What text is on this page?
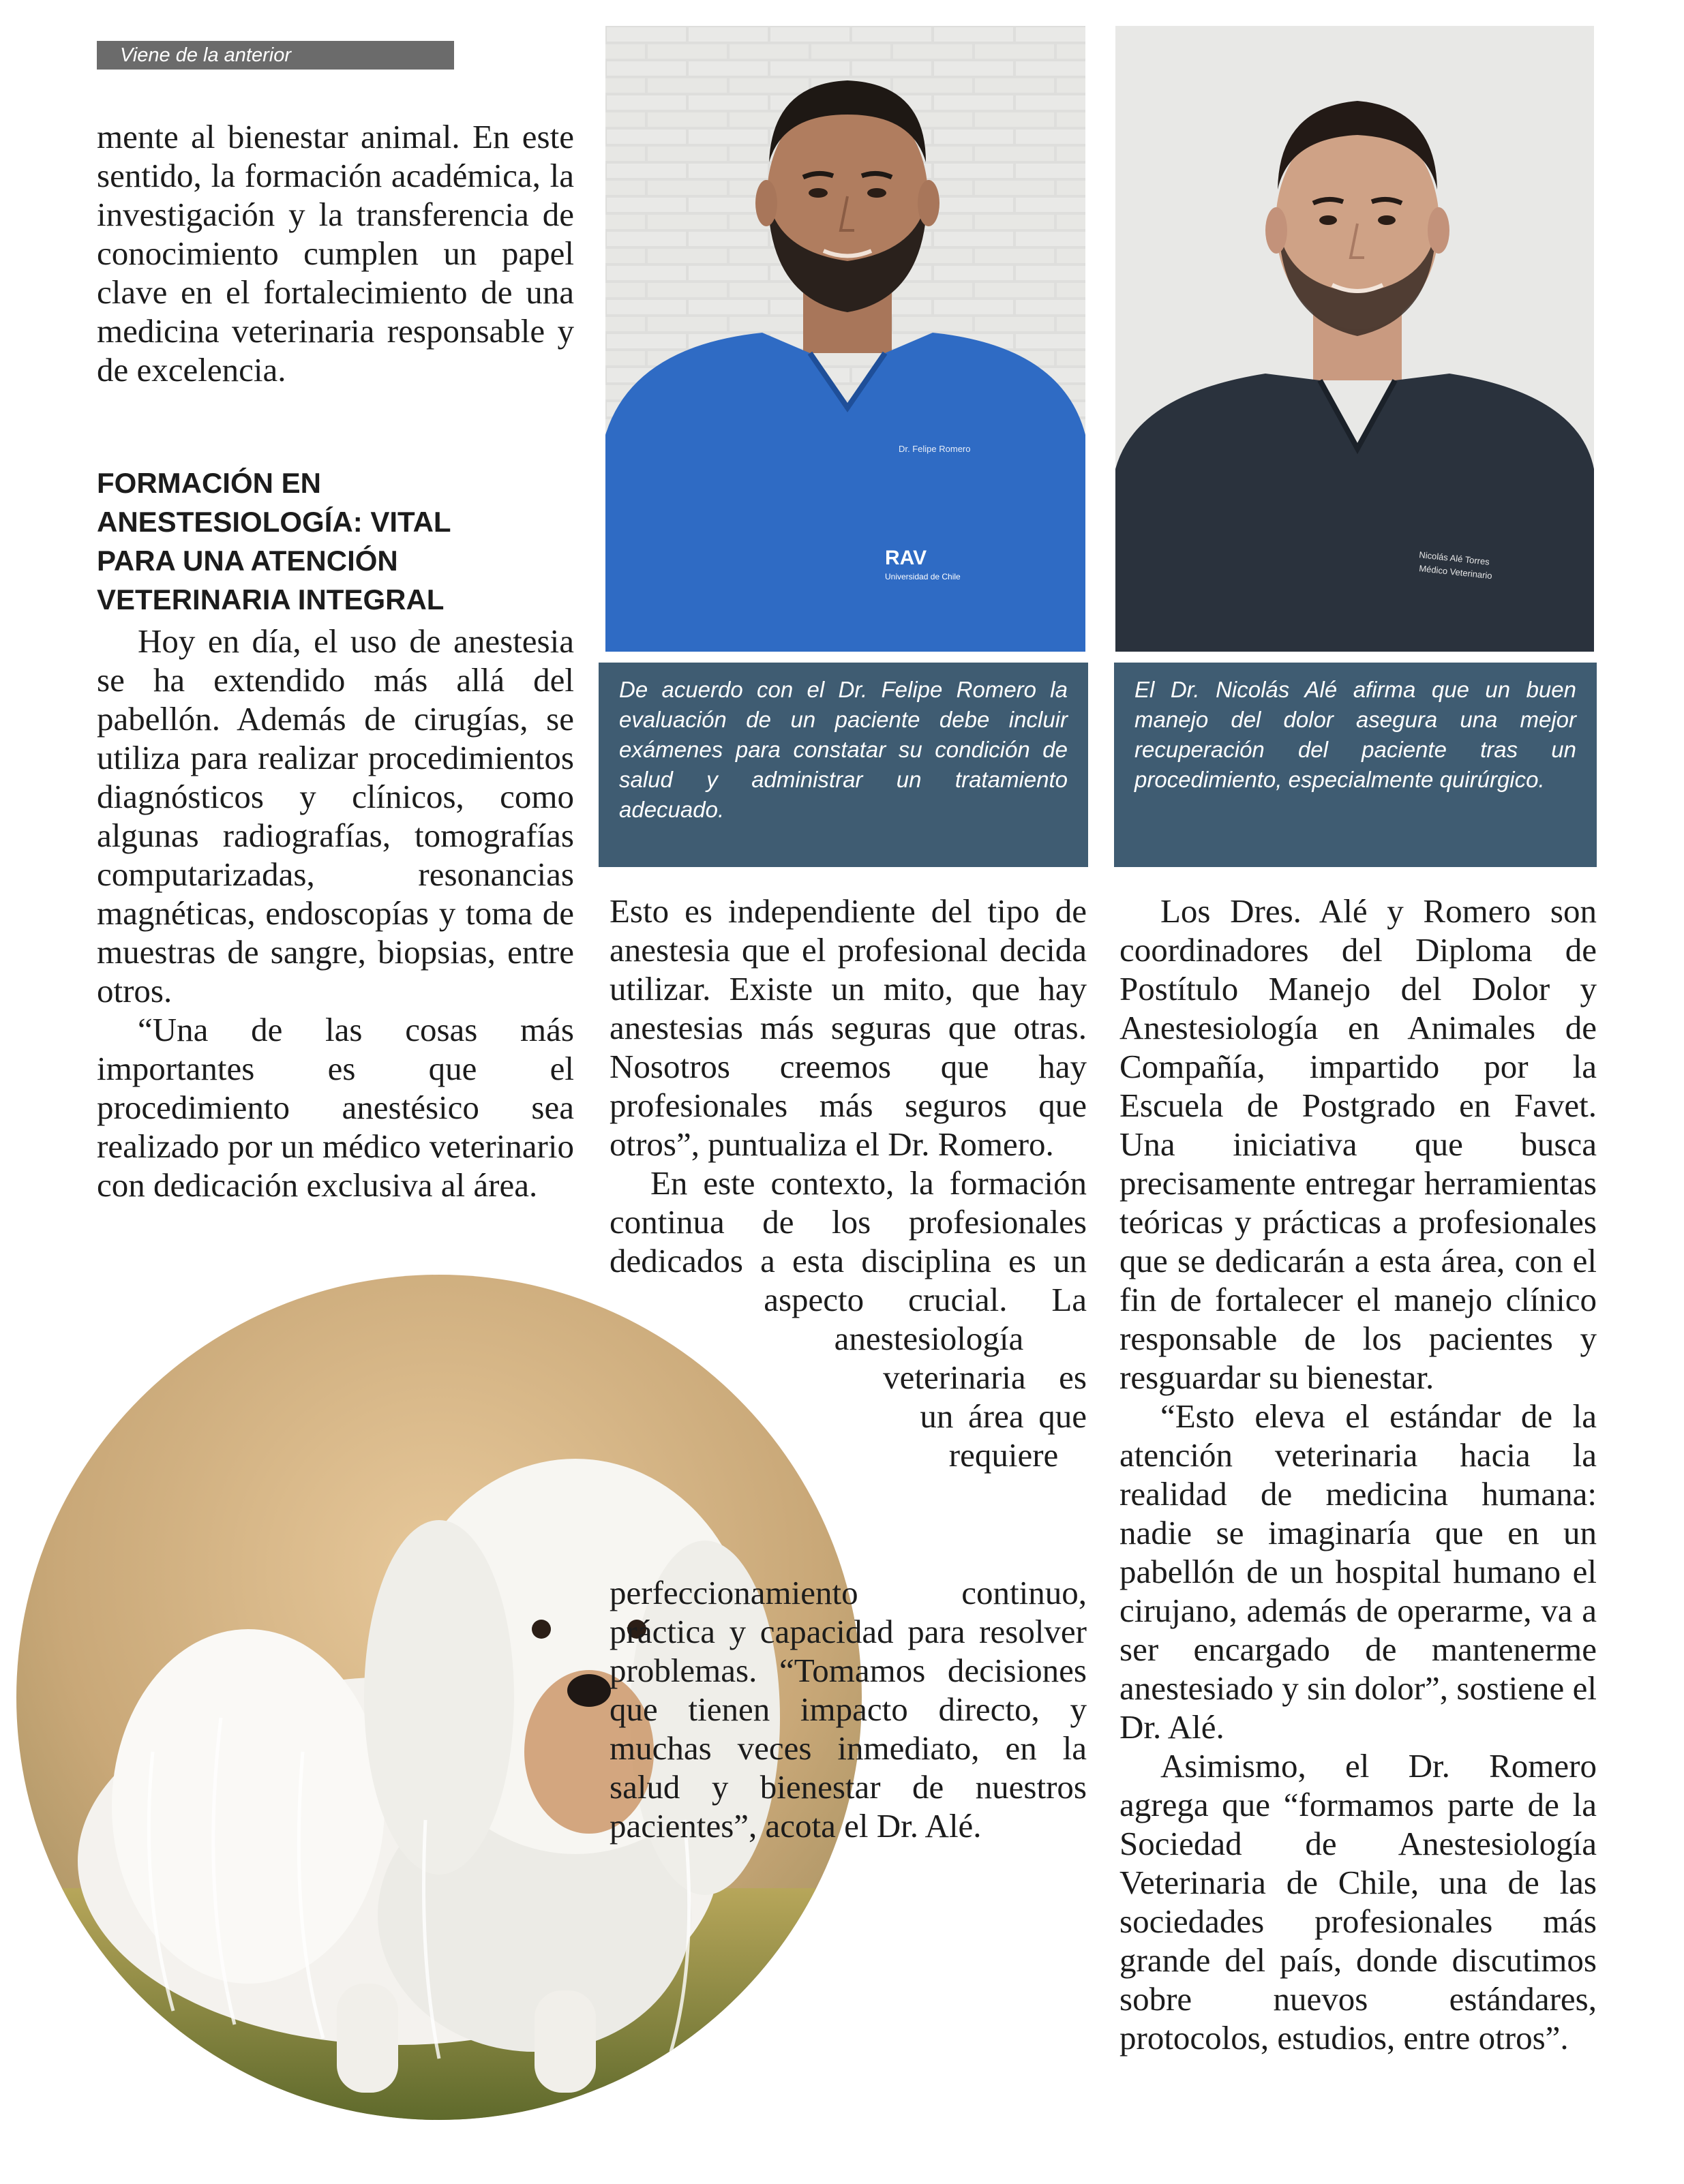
Viene de la anterior

mente al bienestar animal. En este sentido, la formación académica, la investigación y la transferencia de conocimiento cumplen un papel clave en el fortalecimiento de una medicina veterinaria responsable y de excelencia.

FORMACIÓN EN ANESTESIOLOGÍA: VITAL PARA UNA ATENCIÓN VETERINARIA INTEGRAL

Hoy en día, el uso de anestesia se ha extendido más allá del pabellón. Además de cirugías, se utiliza para realizar procedimientos diagnósticos y clínicos, como algunas radiografías, tomografías computarizadas, resonancias magnéticas, endoscopías y toma de muestras de sangre, biopsias, entre otros.

“Una de las cosas más importantes es que el procedimiento anestésico sea realizado por un médico veterinario con dedicación exclusiva al área.

Dr. Felipe Romero
RAV
Universidad de Chile
De acuerdo con el Dr. Felipe Romero la evaluación de un paciente debe incluir exámenes para constatar su condición de salud y administrar un tratamiento adecuado.
Nicolás Alé Torres
Médico Veterinario
El Dr. Nicolás Alé afirma que un buen manejo del dolor asegura una mejor recuperación del paciente tras un procedimiento, especialmente quirúrgico.

Esto es independiente del tipo de anestesia que el profesional decida utilizar. Existe un mito, que hay anestesias más seguras que otras. Nosotros creemos que hay profesionales más seguros que otros”, puntualiza el Dr. Romero.

En este contexto, la formación continua de los profesionales dedicados a esta disciplina es un aspecto crucial. La anestesiología veterinaria es un área que requiere perfeccionamiento continuo, práctica y capacidad para resolver problemas. “Tomamos decisiones que tienen impacto directo, y muchas veces inmediato, en la salud y bienestar de nuestros pacientes”, acota el Dr. Alé.

Los Dres. Alé y Romero son coordinadores del Diploma de Postítulo Manejo del Dolor y Anestesiología en Animales de Compañía, impartido por la Escuela de Postgrado en Favet. Una iniciativa que busca precisamente entregar herramientas teóricas y prácticas a profesionales que se dedicarán a esta área, con el fin de fortalecer el manejo clínico responsable de los pacientes y resguardar su bienestar.

“Esto eleva el estándar de la atención veterinaria hacia la realidad de medicina humana: nadie se imaginaría que en un pabellón de un hospital humano el cirujano, además de operarme, va a ser encargado de mantenerme anestesiado y sin dolor”, sostiene el Dr. Alé.

Asimismo, el Dr. Romero agrega que “formamos parte de la Sociedad de Anestesiología Veterinaria de Chile, una de las sociedades profesionales más grande del país, donde discutimos sobre nuevos estándares, protocolos, estudios, entre otros”.
